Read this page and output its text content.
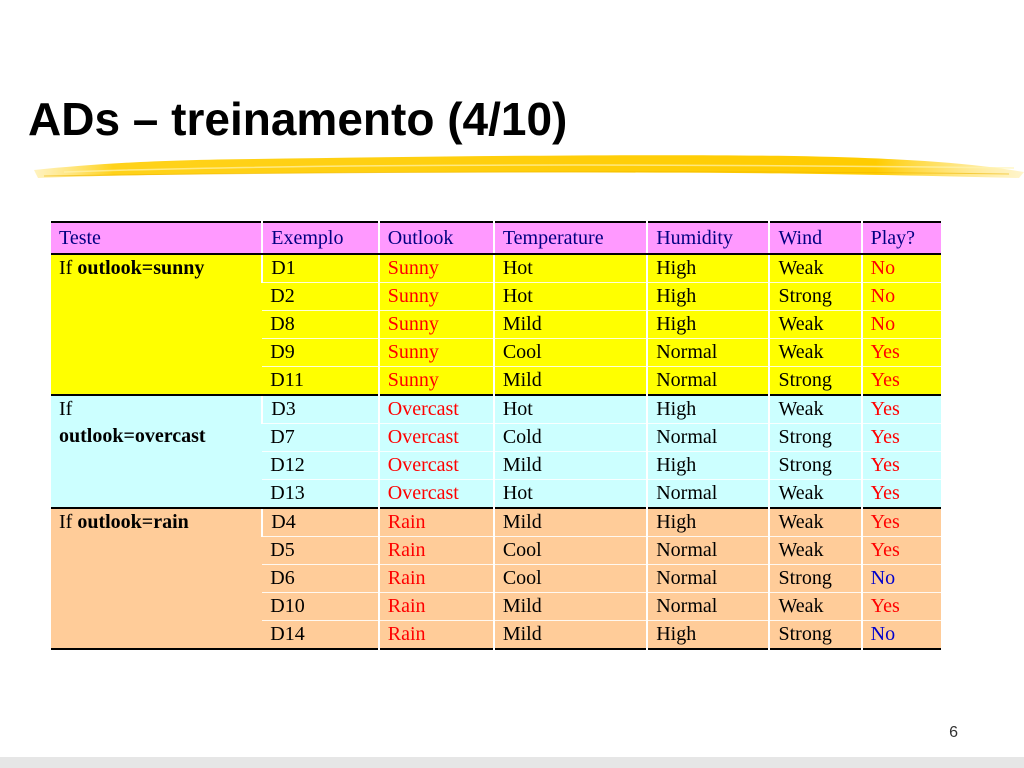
ADs – treinamento (4/10)
Teste	Exemplo	Outlook	Temperature	Humidity	Wind	Play?
If outlook=sunny	D1	Sunny	Hot	High	Weak	No
	D2	Sunny	Hot	High	Strong	No
	D8	Sunny	Mild	High	Weak	No
	D9	Sunny	Cool	Normal	Weak	Yes
	D11	Sunny	Mild	Normal	Strong	Yes
If
outlook=overcast	D3	Overcast	Hot	High	Weak	Yes
	D7	Overcast	Cold	Normal	Strong	Yes
	D12	Overcast	Mild	High	Strong	Yes
	D13	Overcast	Hot	Normal	Weak	Yes
If outlook=rain	D4	Rain	Mild	High	Weak	Yes
	D5	Rain	Cool	Normal	Weak	Yes
	D6	Rain	Cool	Normal	Strong	No
	D10	Rain	Mild	Normal	Weak	Yes
	D14	Rain	Mild	High	Strong	No
6
